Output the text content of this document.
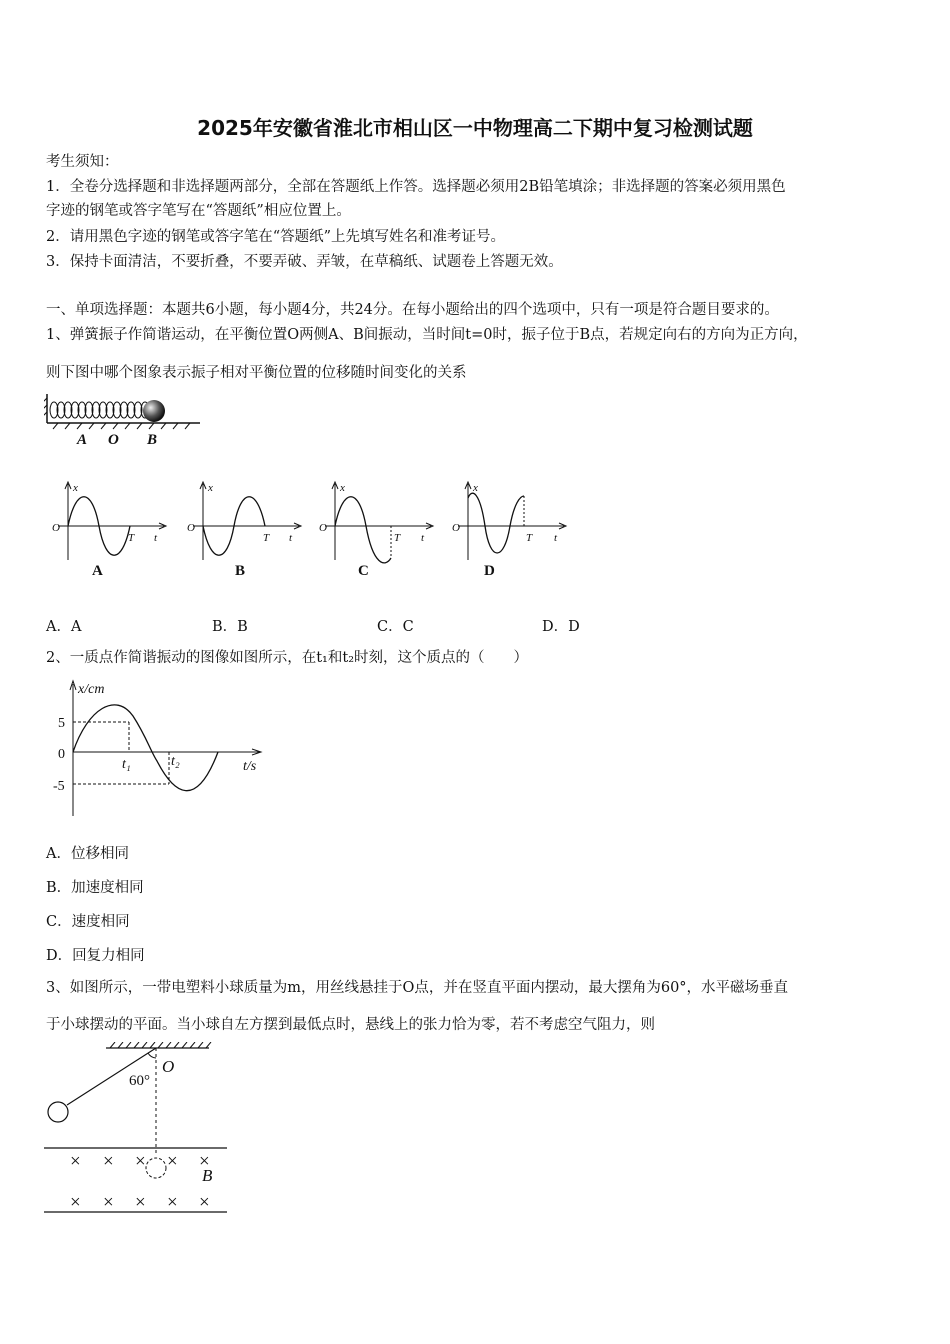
2025年安徽省淮北市相山区一中物理高二下期中复习检测试题
考生须知：
1．全卷分选择题和非选择题两部分，全部在答题纸上作答。选择题必须用2B铅笔填涂；非选择题的答案必须用黑色
字迹的钢笔或答字笔写在“答题纸”相应位置上。
2．请用黑色字迹的钢笔或答字笔在“答题纸”上先填写姓名和准考证号。
3．保持卡面清洁，不要折叠，不要弄破、弄皱，在草稿纸、试题卷上答题无效。
一、单项选择题：本题共6小题，每小题4分，共24分。在每小题给出的四个选项中，只有一项是符合题目要求的。
1、弹簧振子作简谐运动，在平衡位置O两侧A、B间振动，当时间t=0时，振子位于B点，若规定向右的方向为正方向，
则下图中哪个图象表示振子相对平衡位置的位移随时间变化的关系
A O B
x
O
T t
A
x
O
T t
B
x
O
T t
C
x
O
T t
D
A．A	B．B	C．C	D．D
2、一质点作简谐振动的图像如图所示，在t₁和t₂时刻，这个质点的（　　）
x/cm
5
0
-5
t₁	t₂	t/s
A．位移相同
B．加速度相同
C．速度相同
D．回复力相同
3、如图所示，一带电塑料小球质量为m，用丝线悬挂于O点，并在竖直平面内摆动，最大摆角为60°，水平磁场垂直
于小球摆动的平面。当小球自左方摆到最低点时，悬线上的张力恰为零，若不考虑空气阻力，则
O
60°
× × × × ×
× × × × ×
B
